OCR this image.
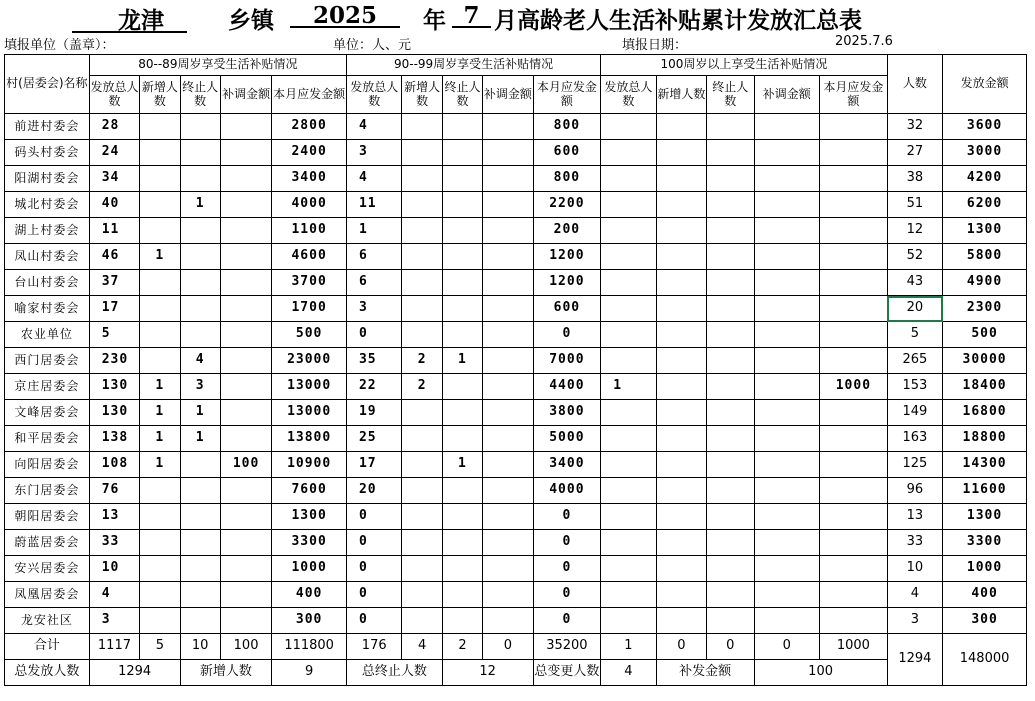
  龙津 	乡镇
 	2025 	年
  7  月高龄老人生活补贴累计发放汇总表
填报单位（盖章）：	单位：人、元	填报日期：	2025.7.6
村(居委会)名称	80--89周岁享受生活补贴情况					90--99周岁享受生活补贴情况					100周岁以上享受生活补贴情况					人数	发放金额
	发放总人数	新增人数	终止人数	补调金额	本月应发金额	发放总人数	新增人数	终止人数	补调金额	本月应发金额	发放总人数	新增人数	终止人数	补调金额	本月应发金额		
前进村委会	28				2800	4				800						32	3600
码头村委会	24				2400	3				600						27	3000
阳湖村委会	34				3400	4				800						38	4200
城北村委会	40		1		4000	11				2200						51	6200
湖上村委会	11				1100	1				200						12	1300
凤山村委会	46	1			4600	6				1200						52	5800
台山村委会	37				3700	6				1200						43	4900
喻家村委会	17				1700	3				600						20	2300
农业单位	5				500	0				0						5	500
西门居委会	230		4		23000	35	2	1		7000						265	30000
京庄居委会	130	1	3		13000	22	2			4400	1				1000	153	18400
文峰居委会	130	1	1		13000	19				3800						149	16800
和平居委会	138	1	1		13800	25				5000						163	18800
向阳居委会	108	1		100	10900	17		1		3400						125	14300
东门居委会	76				7600	20				4000						96	11600
朝阳居委会	13				1300	0				0						13	1300
蔚蓝居委会	33				3300	0				0						33	3300
安兴居委会	10				1000	0				0						10	1000
凤凰居委会	4				400	0				0						4	400
龙安社区	3				300	0				0						3	300
合计	1117	5	10	100	111800	176	4	2	0	35200	1	0	0	0	1000	1294	148000
总发放人数	1294		新增人数		9	总终止人数		12		总变更人数	4	补发金额		100			
